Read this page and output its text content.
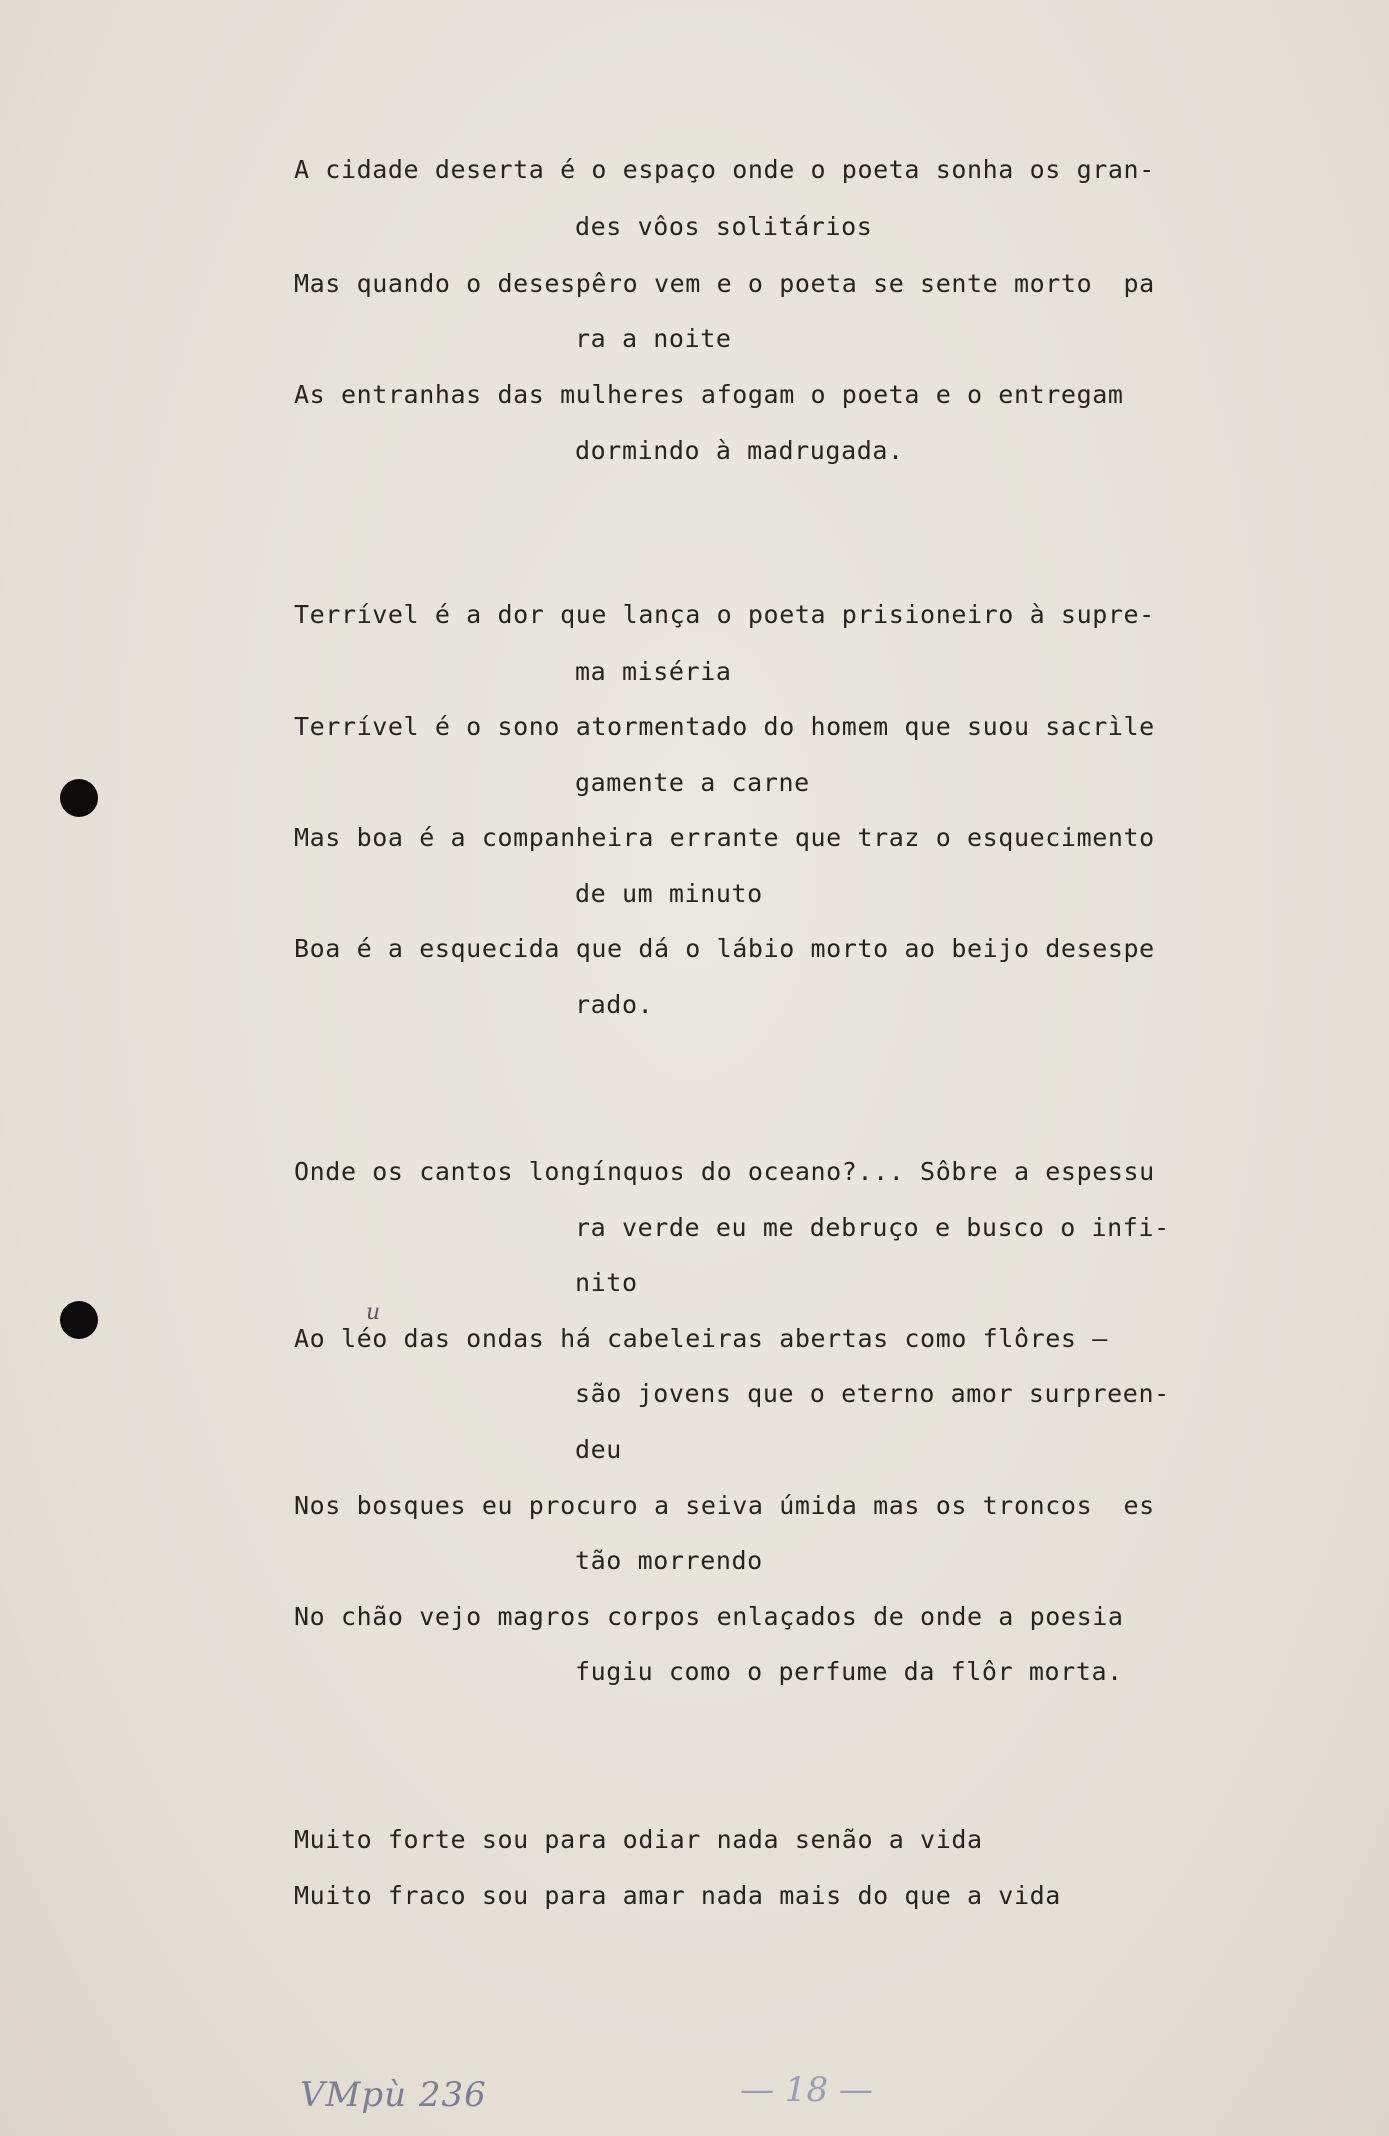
A cidade deserta é o espaço onde o poeta sonha os gran-
des vôos solitários
Mas quando o desespêro vem e o poeta se sente morto  pa
ra a noite
As entranhas das mulheres afogam o poeta e o entregam
dormindo à madrugada.
Terrível é a dor que lança o poeta prisioneiro à supre-
ma miséria
Terrível é o sono atormentado do homem que suou sacrìle
gamente a carne
Mas boa é a companheira errante que traz o esquecimento
de um minuto
Boa é a esquecida que dá o lábio morto ao beijo desespe
rado.
Onde os cantos longínquos do oceano?... Sôbre a espessu
ra verde eu me debruço e busco o infi-
nito
Ao léo das ondas há cabeleiras abertas como flôres —
são jovens que o eterno amor surpreen-
deu
Nos bosques eu procuro a seiva úmida mas os troncos  es
tão morrendo
No chão vejo magros corpos enlaçados de onde a poesia
fugiu como o perfume da flôr morta.
u
Muito forte sou para odiar nada senão a vida
Muito fraco sou para amar nada mais do que a vida
VMpù 236	— 18 —
